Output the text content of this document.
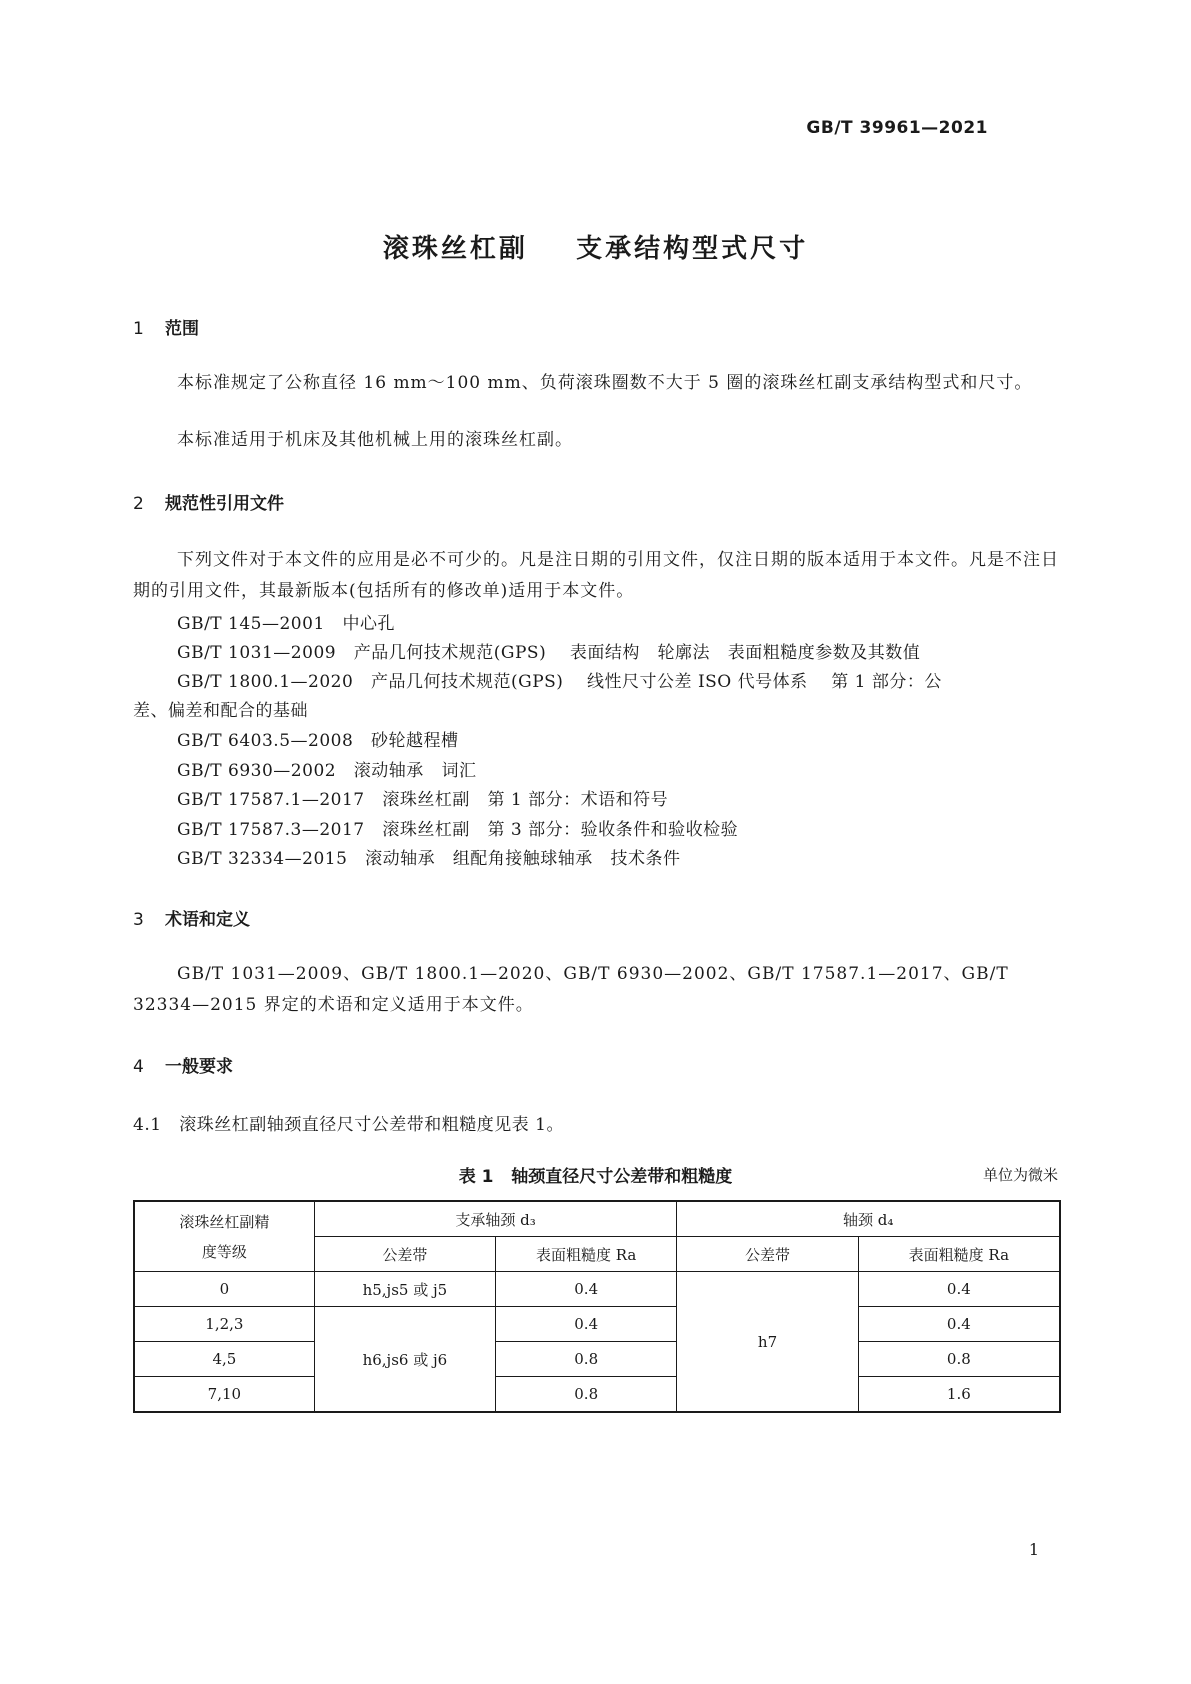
GB/T 39961—2021
滚珠丝杠副    支承结构型式尺寸
1 范围
本标准规定了公称直径 16 mm～100 mm、负荷滚珠圈数不大于 5 圈的滚珠丝杠副支承结构型式和尺寸。
本标准适用于机床及其他机械上用的滚珠丝杠副。
2 规范性引用文件
下列文件对于本文件的应用是必不可少的。凡是注日期的引用文件，仅注日期的版本适用于本文件。凡是不注日期的引用文件，其最新版本(包括所有的修改单)适用于本文件。
GB/T 145—2001   中心孔
GB/T 1031—2009   产品几何技术规范(GPS)    表面结构   轮廓法   表面粗糙度参数及其数值
GB/T 1800.1—2020   产品几何技术规范(GPS)    线性尺寸公差 ISO 代号体系    第 1 部分：公
差、偏差和配合的基础
GB/T 6403.5—2008   砂轮越程槽
GB/T 6930—2002   滚动轴承   词汇
GB/T 17587.1—2017   滚珠丝杠副   第 1 部分：术语和符号
GB/T 17587.3—2017   滚珠丝杠副   第 3 部分：验收条件和验收检验
GB/T 32334—2015   滚动轴承   组配角接触球轴承   技术条件
3 术语和定义
GB/T 1031—2009、GB/T 1800.1—2020、GB/T 6930—2002、GB/T 17587.1—2017、GB/T 32334—2015 界定的术语和定义适用于本文件。
4 一般要求
4.1   滚珠丝杠副轴颈直径尺寸公差带和粗糙度见表 1。
表 1   轴颈直径尺寸公差带和粗糙度	单位为微米
滚珠丝杠副精度等级	支承轴颈 d₃		轴颈 d₄	
	公差带	表面粗糙度 Ra	公差带	表面粗糙度 Ra
0	h5,js5 或 j5	0.4	h7	0.4
1,2,3	h6,js6 或 j6	0.4		0.4
4,5		0.8		0.8
7,10		0.8		1.6
1
